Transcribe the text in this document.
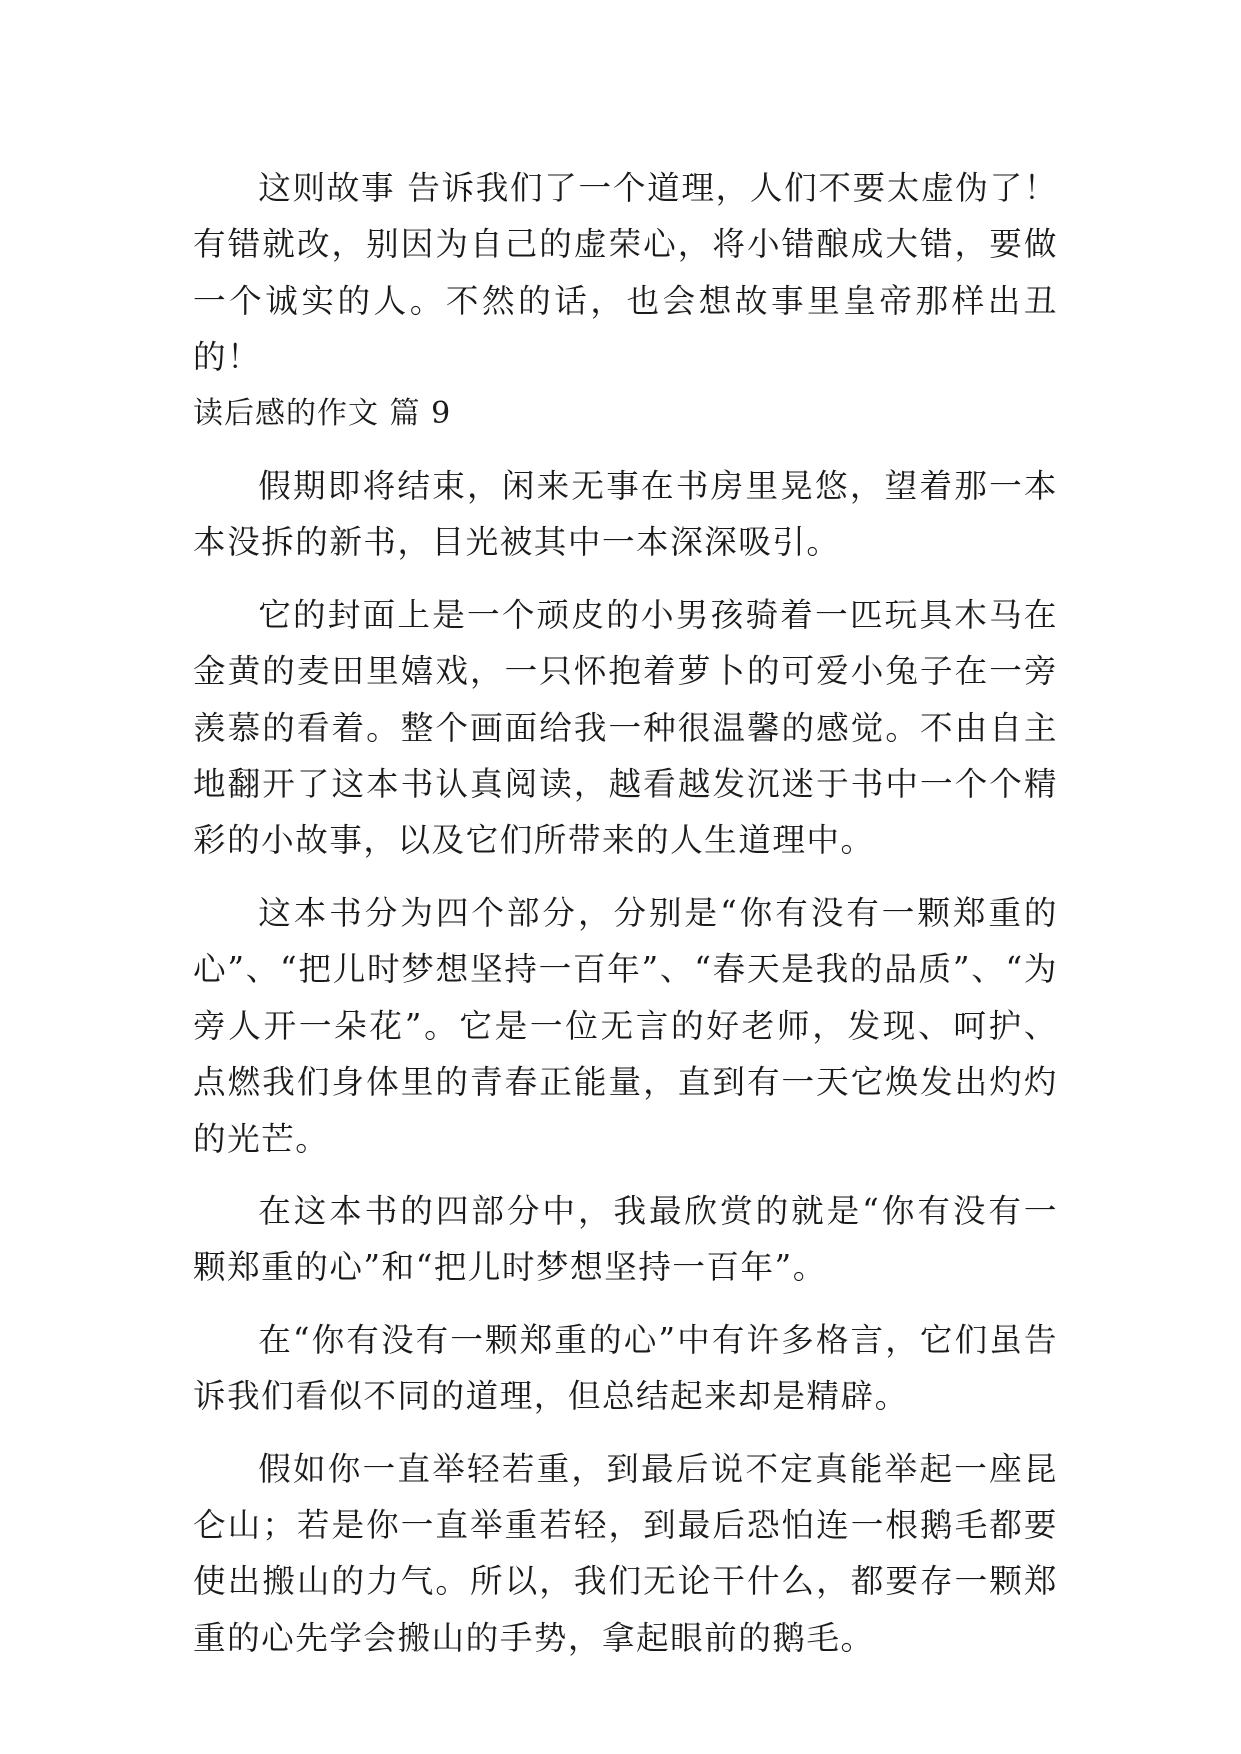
这则故事 告诉我们了一个道理，人们不要太虚伪了！有错就改，别因为自己的虚荣心，将小错酿成大错，要做一个诚实的人。不然的话，也会想故事里皇帝那样出丑的！

读后感的作文 篇 9

假期即将结束，闲来无事在书房里晃悠，望着那一本本没拆的新书，目光被其中一本深深吸引。

它的封面上是一个顽皮的小男孩骑着一匹玩具木马在金黄的麦田里嬉戏，一只怀抱着萝卜的可爱小兔子在一旁羡慕的看着。整个画面给我一种很温馨的感觉。不由自主地翻开了这本书认真阅读，越看越发沉迷于书中一个个精彩的小故事，以及它们所带来的人生道理中。

这本书分为四个部分，分别是“你有没有一颗郑重的心”、“把儿时梦想坚持一百年”、“春天是我的品质”、“为旁人开一朵花”。它是一位无言的好老师，发现、呵护、点燃我们身体里的青春正能量，直到有一天它焕发出灼灼的光芒。

在这本书的四部分中，我最欣赏的就是“你有没有一颗郑重的心”和“把儿时梦想坚持一百年”。

在“你有没有一颗郑重的心”中有许多格言，它们虽告诉我们看似不同的道理，但总结起来却是精辟。

假如你一直举轻若重，到最后说不定真能举起一座昆仑山；若是你一直举重若轻，到最后恐怕连一根鹅毛都要使出搬山的力气。所以，我们无论干什么，都要存一颗郑重的心先学会搬山的手势，拿起眼前的鹅毛。
